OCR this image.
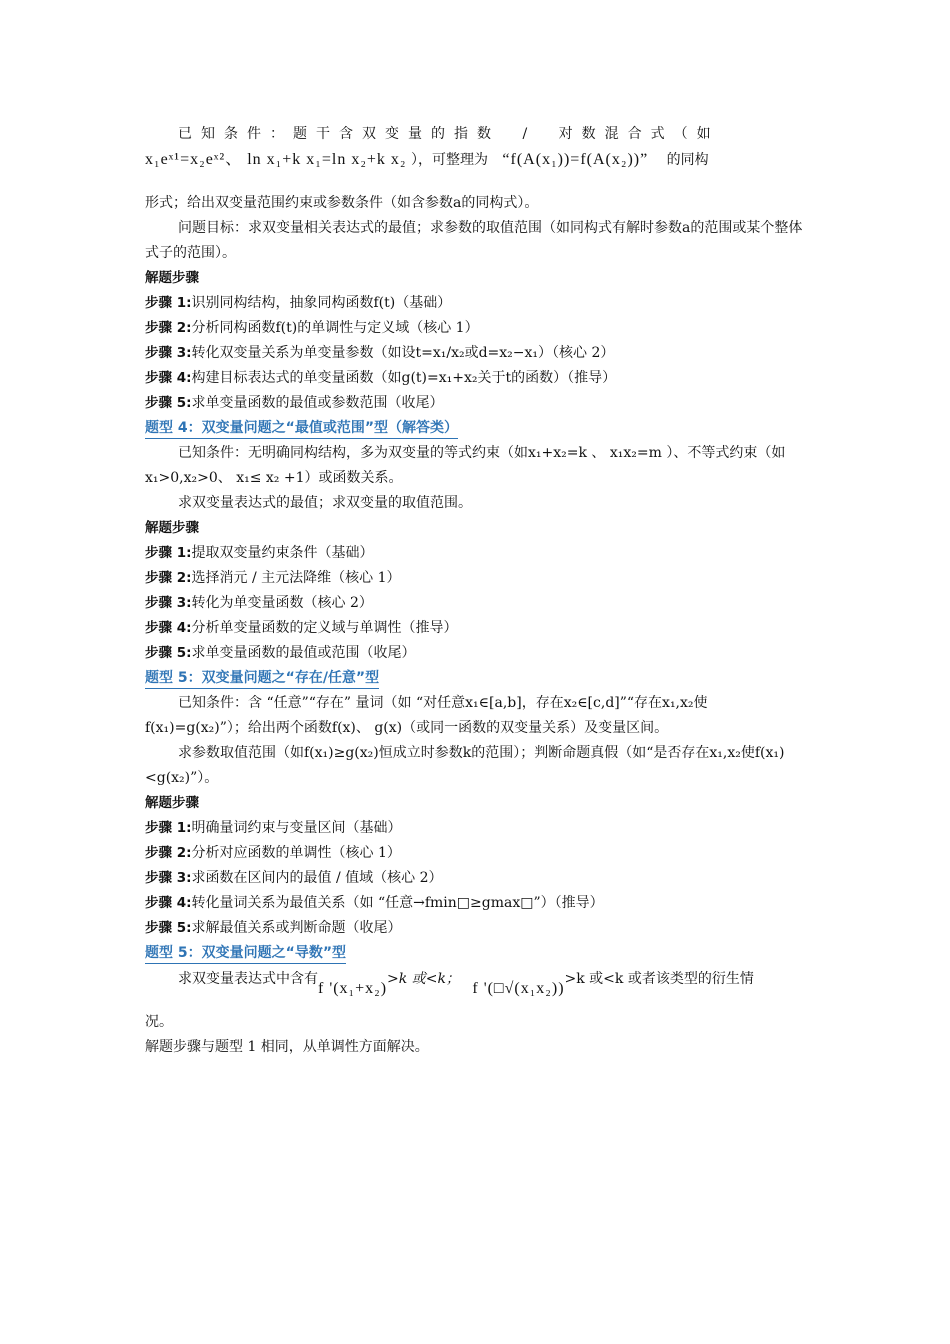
已知条件：题干含双变量的指数 / 对数混合式（如

x₁eˣ¹=x₂eˣ²、 ln x₁+k x₁=ln x₂+k x₂ ），可整理为 “f(A(x₁))=f(A(x₂))” 的同构

形式；给出双变量范围约束或参数条件（如含参数a的同构式）。

问题目标：求双变量相关表达式的最值；求参数的取值范围（如同构式有解时参数a的范围或某个整体式子的范围）。

解题步骤

步骤 1:识别同构结构，抽象同构函数f(t)（基础）

步骤 2:分析同构函数f(t)的单调性与定义域（核心 1）

步骤 3:转化双变量关系为单变量参数（如设t=x₁/x₂或d=x₂−x₁）（核心 2）

步骤 4:构建目标表达式的单变量函数（如g(t)=x₁+x₂关于t的函数）（推导）

步骤 5:求单变量函数的最值或参数范围（收尾）

题型 4：双变量问题之“最值或范围”型（解答类）

已知条件：无明确同构结构，多为双变量的等式约束（如x₁+x₂=k 、 x₁x₂=m ）、不等式约束（如x₁>0,x₂>0、 x₁≤ x₂ +1）或函数关系。

求双变量表达式的最值；求双变量的取值范围。

解题步骤

步骤 1:提取双变量约束条件（基础）

步骤 2:选择消元 / 主元法降维（核心 1）

步骤 3:转化为单变量函数（核心 2）

步骤 4:分析单变量函数的定义域与单调性（推导）

步骤 5:求单变量函数的最值或范围（收尾）

题型 5：双变量问题之“存在/任意”型

已知条件：含 “任意”“存在” 量词（如 “对任意x₁∈[a,b]，存在x₂∈[c,d]”“存在x₁,x₂使f(x₁)=g(x₂)”）；给出两个函数f(x)、 g(x)（或同一函数的双变量关系）及变量区间。

求参数取值范围（如f(x₁)≥g(x₂)恒成立时参数k的范围）；判断命题真假（如“是否存在x₁,x₂使f(x₁)<g(x₂)”）。

解题步骤

步骤 1:明确量词约束与变量区间（基础）

步骤 2:分析对应函数的单调性（核心 1）

步骤 3:求函数在区间内的最值 / 值域（核心 2）

步骤 4:转化量词关系为最值关系（如 “任意→fmin□≥gmax□”）（推导）

步骤 5:求解最值关系或判断命题（收尾）

题型 5：双变量问题之“导数”型

求双变量表达式中含有f '(x₁+x₂)>k 或<k； f '(□√(x₁x₂))>k 或<k 或者该类型的衍生情

况。

解题步骤与题型 1 相同，从单调性方面解决。
